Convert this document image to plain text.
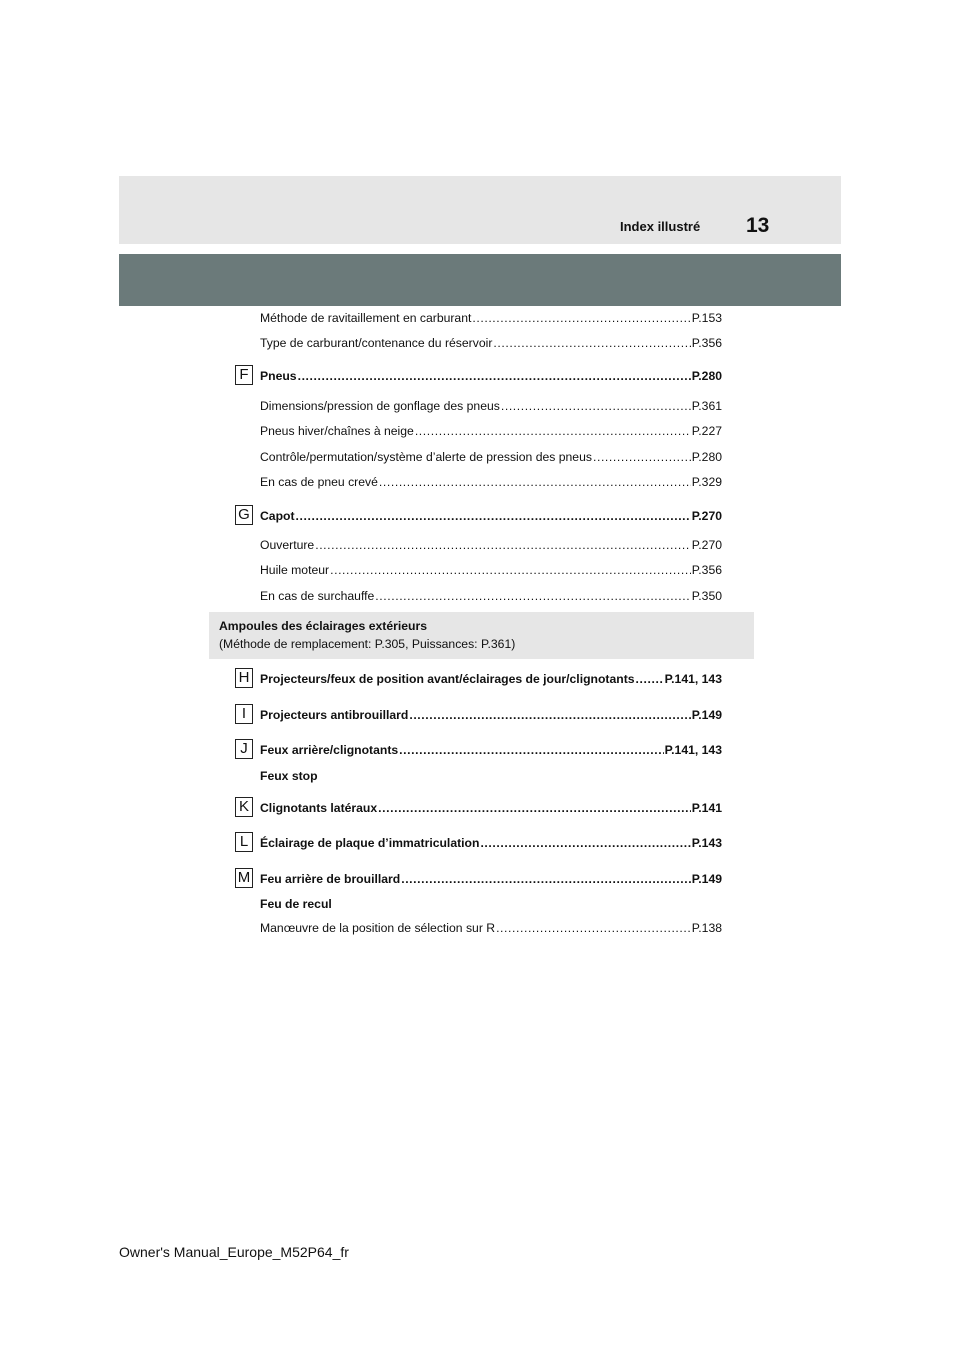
Index illustré 13
Méthode de ravitaillement en carburant .....	P.153
Type de carburant/contenance du réservoir .....	P.356
F Pneus .....	P.280
Dimensions/pression de gonflage des pneus .....	P.361
Pneus hiver/chaînes à neige .....	P.227
Contrôle/permutation/système d’alerte de pression des pneus .....	P.280
En cas de pneu crevé .....	P.329
G Capot .....	P.270
Ouverture .....	P.270
Huile moteur .....	P.356
En cas de surchauffe .....	P.350
Ampoules des éclairages extérieurs
(Méthode de remplacement: P.305, Puissances: P.361)
H Projecteurs/feux de position avant/éclairages de jour/clignotants ..... P.141, 143
I	Projecteurs antibrouillard .....	P.149
J	Feux arrière/clignotants .....	P.141, 143
Feux stop
K Clignotants latéraux .....	P.141
L Éclairage de plaque d’immatriculation .....	P.143
M Feu arrière de brouillard .....	P.149
Feu de recul
Manœuvre de la position de sélection sur R .....	P.138
Owner's Manual_Europe_M52P64_fr
